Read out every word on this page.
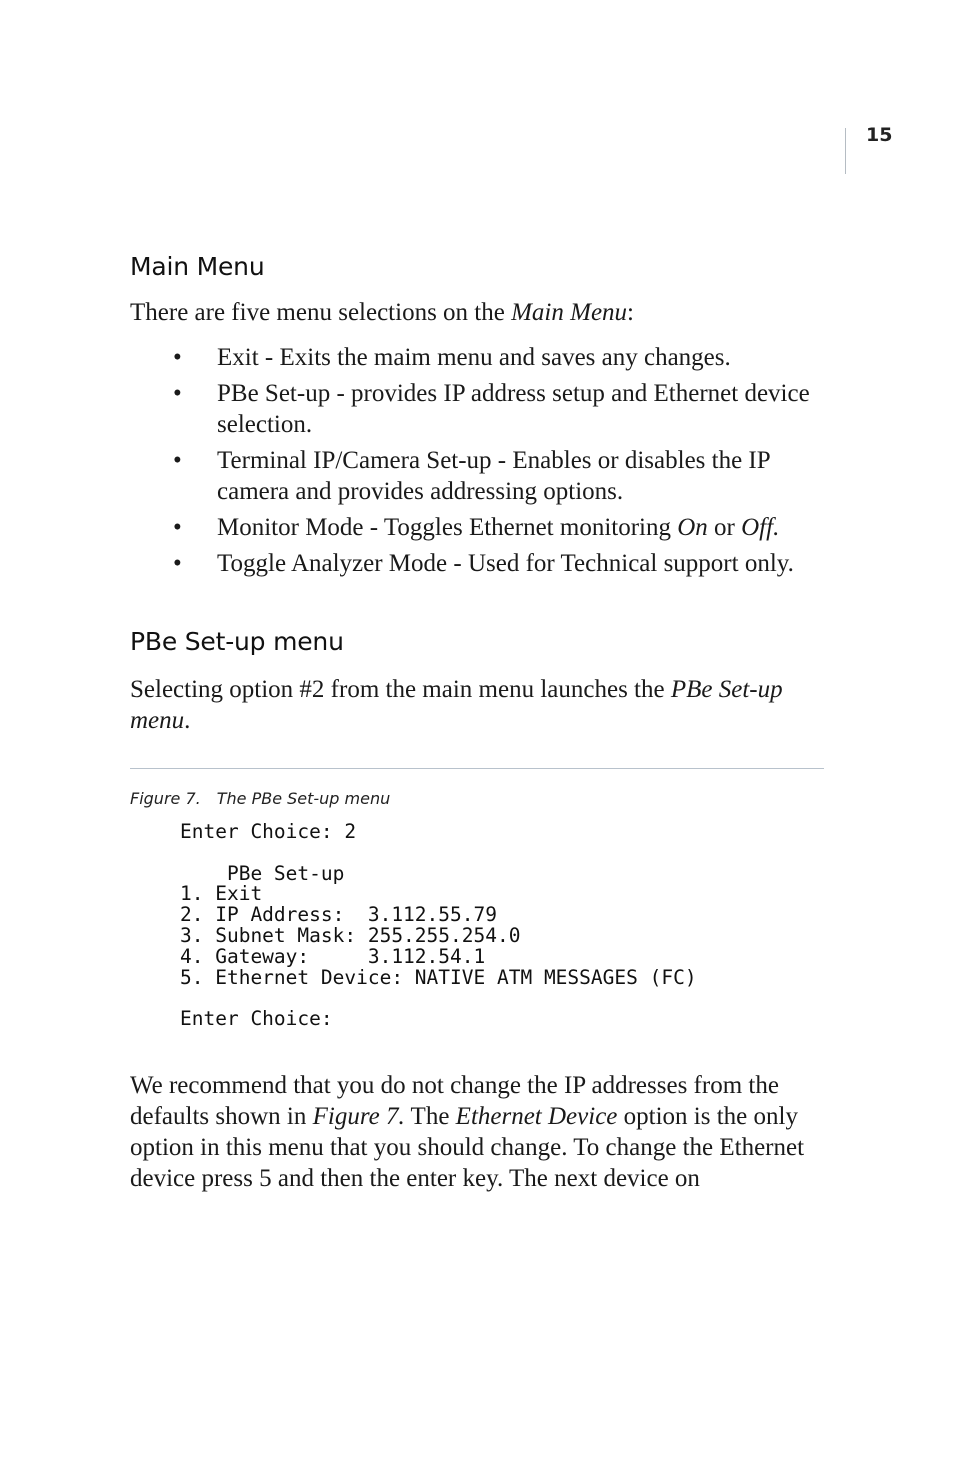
15
Main Menu

There are five menu selections on the Main Menu:

• Exit - Exits the maim menu and saves any changes.
• PBe Set-up - provides IP address setup and Ethernet device selection.
• Terminal IP/Camera Set-up - Enables or disables the IP camera and provides addressing options.
• Monitor Mode - Toggles Ethernet monitoring On or Off.
• Toggle Analyzer Mode - Used for Technical support only.
PBe Set-up menu

Selecting option #2 from the main menu launches the PBe Set-up menu.

Figure 7. The PBe Set-up menu
Enter Choice: 2
PBe Set-up
1. Exit
2. IP Address:  3.112.55.79
3. Subnet Mask: 255.255.254.0
4. Gateway:     3.112.54.1
5. Ethernet Device: NATIVE ATM MESSAGES (FC)
Enter Choice:

We recommend that you do not change the IP addresses from the defaults shown in Figure 7. The Ethernet Device option is the only option in this menu that you should change. To change the Ethernet device press 5 and then the enter key. The next device on
